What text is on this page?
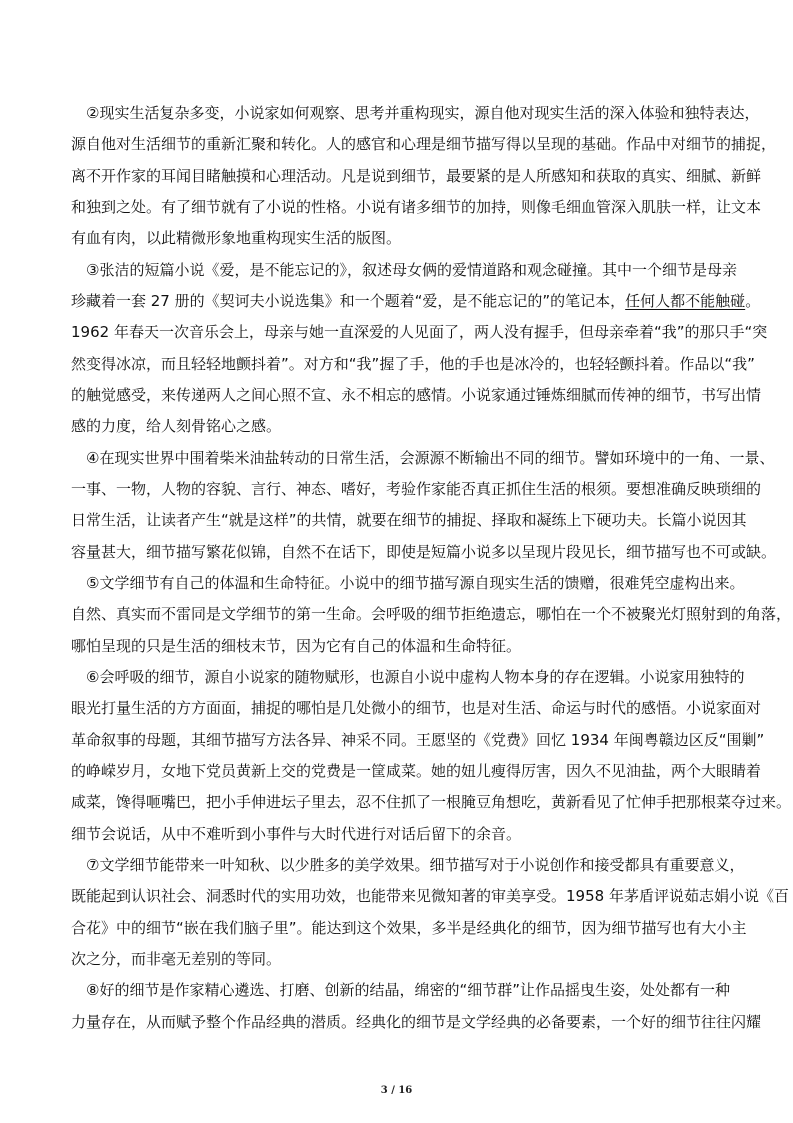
②现实生活复杂多变，小说家如何观察、思考并重构现实，源自他对现实生活的深入体验和独特表达，
源自他对生活细节的重新汇聚和转化。人的感官和心理是细节描写得以呈现的基础。作品中对细节的捕捉，
离不开作家的耳闻目睹触摸和心理活动。凡是说到细节，最要紧的是人所感知和获取的真实、细腻、新鲜
和独到之处。有了细节就有了小说的性格。小说有诸多细节的加持，则像毛细血管深入肌肤一样，让文本
有血有肉，以此精微形象地重构现实生活的版图。
③张洁的短篇小说《爱，是不能忘记的》，叙述母女俩的爱情道路和观念碰撞。其中一个细节是母亲
珍藏着一套 27 册的《契诃夫小说选集》和一个题着“爱，是不能忘记的”的笔记本，任何人都不能触碰。
1962 年春天一次音乐会上，母亲与她一直深爱的人见面了，两人没有握手，但母亲牵着“我”的那只手“突
然变得冰凉，而且轻轻地颤抖着”。对方和“我”握了手，他的手也是冰冷的，也轻轻颤抖着。作品以“我”
的触觉感受，来传递两人之间心照不宣、永不相忘的感情。小说家通过锤炼细腻而传神的细节，书写出情
感的力度，给人刻骨铭心之感。
④在现实世界中围着柴米油盐转动的日常生活，会源源不断输出不同的细节。譬如环境中的一角、一景、
一事、一物，人物的容貌、言行、神态、嗜好，考验作家能否真正抓住生活的根须。要想准确反映琐细的
日常生活，让读者产生“就是这样”的共情，就要在细节的捕捉、择取和凝练上下硬功夫。长篇小说因其
容量甚大，细节描写繁花似锦，自然不在话下，即使是短篇小说多以呈现片段见长，细节描写也不可或缺。
⑤文学细节有自己的体温和生命特征。小说中的细节描写源自现实生活的馈赠，很难凭空虚构出来。
自然、真实而不雷同是文学细节的第一生命。会呼吸的细节拒绝遗忘，哪怕在一个不被聚光灯照射到的角落，
哪怕呈现的只是生活的细枝末节，因为它有自己的体温和生命特征。
⑥会呼吸的细节，源自小说家的随物赋形，也源自小说中虚构人物本身的存在逻辑。小说家用独特的
眼光打量生活的方方面面，捕捉的哪怕是几处微小的细节，也是对生活、命运与时代的感悟。小说家面对
革命叙事的母题，其细节描写方法各异、神采不同。王愿坚的《党费》回忆 1934 年闽粤赣边区反“围剿”
的峥嵘岁月，女地下党员黄新上交的党费是一筐咸菜。她的妞儿瘦得厉害，因久不见油盐，两个大眼睛着
咸菜，馋得咂嘴巴，把小手伸进坛子里去，忍不住抓了一根腌豆角想吃，黄新看见了忙伸手把那根菜夺过来。
细节会说话，从中不难听到小事件与大时代进行对话后留下的余音。
⑦文学细节能带来一叶知秋、以少胜多的美学效果。细节描写对于小说创作和接受都具有重要意义，
既能起到认识社会、洞悉时代的实用功效，也能带来见微知著的审美享受。1958 年茅盾评说茹志娟小说《百
合花》中的细节“嵌在我们脑子里”。能达到这个效果，多半是经典化的细节，因为细节描写也有大小主
次之分，而非毫无差别的等同。
⑧好的细节是作家精心遴选、打磨、创新的结晶，绵密的“细节群”让作品摇曳生姿，处处都有一种
力量存在，从而赋予整个作品经典的潜质。经典化的细节是文学经典的必备要素，一个好的细节往往闪耀
3 / 16
